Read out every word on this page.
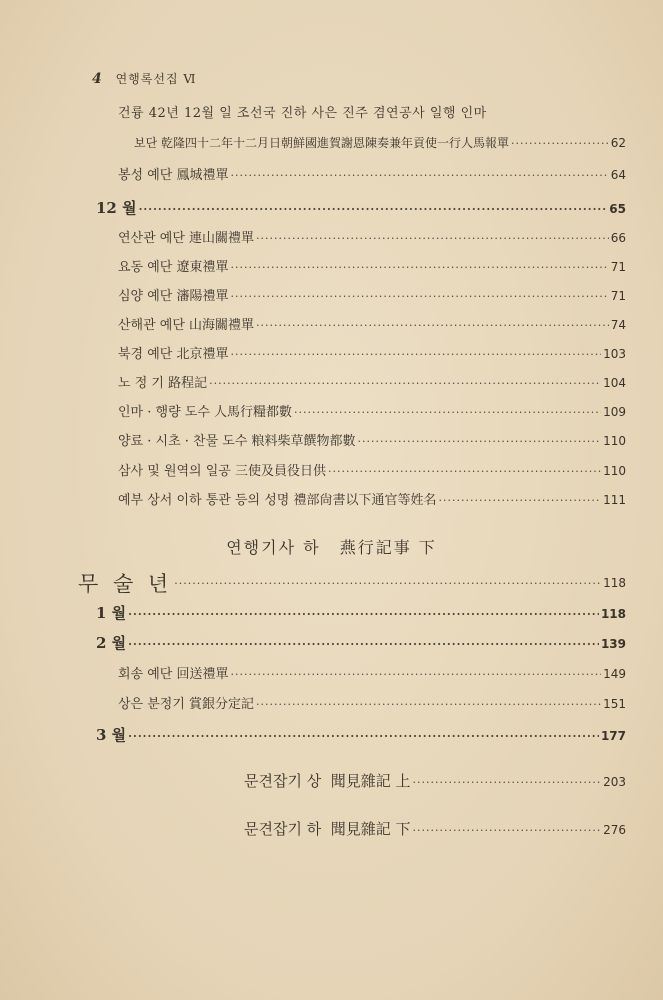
4 연행록선집 Ⅵ
건륭 42년 12월 일 조선국 진하 사은 진주 겸연공사 일행 인마
보단 乾隆四十二年十二月日朝鮮國進賀謝恩陳奏兼年貢使一行人馬報單 ·····	62
봉성 예단 鳳城禮單 ·····	64
12 월 ·····	65
연산관 예단 連山關禮單 ·····	66
요동 예단 遼東禮單 ·····	71
심양 예단 瀋陽禮單 ·····	71
산해관 예단 山海關禮單 ·····	74
북경 예단 北京禮單 ·····	103
노 정 기 路程記 ·····	104
인마 · 행량 도수 人馬行糧都數 ·····	109
양료 · 시초 · 찬물 도수 粮料柴草饌物都數 ·····	110
삼사 및 원역의 일공 三使及員役日供 ·····	110
예부 상서 이하 통관 등의 성명 禮部尙書以下通官等姓名 ·····	111
연행기사 하 燕行記事 下
무 술 년 ·····	118
1 월 ·····	118
2 월 ·····	139
회송 예단 回送禮單 ·····	149
상은 분정기 賞銀分定記 ·····	151
3 월 ·····	177
문견잡기 상  聞見雜記 上 ·····	203
문견잡기 하  聞見雜記 下 ·····	276
